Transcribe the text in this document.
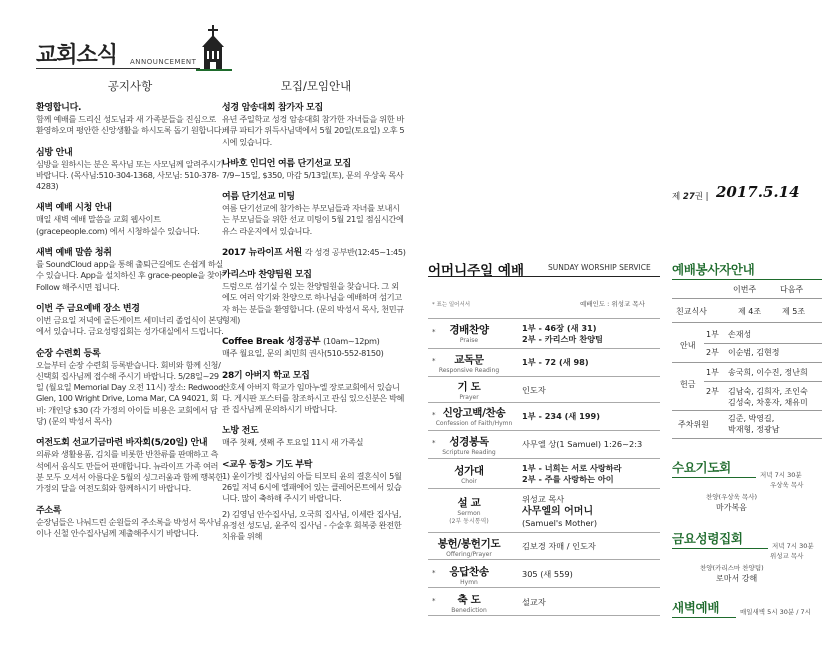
교회소식 ANNOUNCEMENT
공지사항
환영합니다.
함께 예배를 드리신 성도님과 새 가족분들을 진심으로 환영하오며 평안한 신앙생활을 하시도록 돕기 원합니다.
심방 안내
심방을 원하시는 분은 목사님 또는 사모님께 알려주시기 바랍니다. (목사님:510-304-1368, 사모님: 510-378-4283)
새벽 예배 시청 안내
매일 새벽 예배 말씀을 교회 웹사이트(gracepeople.com) 에서 시청하실수 있습니다.
새벽 예배 말씀 청취
를 SoundCloud app을 통해 출퇴근길에도 손쉽게 하실 수 있습니다. App을 설치하신 후 grace-people을 찾아 Follow 해주시면 됩니다.
이번 주 금요예배 장소 변경
이번 금요일 저녁에 골든게이트 세미너리 졸업식이 본당에서 있습니다. 금요성령집회는 성가대실에서 드립니다.
순장 수련회 등록
오늘부터 순장 수련회 등록받습니다. 회비와 함께 신청/신택회 집사님께 접수해 주시기 바랍니다. 5/28일~29일 (월요일 Memorial Day 오전 11시) 장소: Redwood Glen, 100 Wright Drive, Loma Mar, CA 94021, 회비: 개인당 $30 (각 가정의 아이들 비용은 교회에서 담당) (문의 박성서 목사)
여전도회 선교기금마련 바자회(5/20일) 안내
의류와 생활용품, 김치를 비롯한 반찬류를 판매하고 측석에서 음식도 만들어 판매합니다. 뉴라이프 가족 여러분 모두 오셔서 아름다운 5월의 싱그러움과 함께 행복한 가정의 달을 여전도회와 함께하시기 바랍니다.
주소록
순장님들은 나눠드린 순원들의 주소록을 박성서 목사님이나 신철 안수집사님께 제출해주시기 바랍니다.
모집/모임안내
성경 암송대회 참가자 모집
유년 주일학교 성경 암송대회 참가한 자녀들을 위한 바베큐 파티가 위득사님댁에서 5월 20일(토요일) 오후 5시에 있습니다.
나바호 인디언 여름 단기선교 모집
7/9~15일, $350, 마감 5/13일(토), 문의 우상욱 목사
여름 단기선교 미팅
여름 단기선교에 참가하는 부모님들과 자녀를 보내시는 부모님들을 위한 선교 미팅이 5월 21일 점심시간에 유스 라운지에서 있습니다.
2017 뉴라이프 서원 각 성경 공부반(12:45~1:45)
카리스마 찬양팀원 모집
드럼으로 섬기실 수 있는 찬양팀원을 찾습니다. 그 외에도 여러 악기와 찬양으로 하나님을 예배하며 섬기고자 하는 분들을 환영합니다. (문의 박성서 목사, 천민규 형제)
Coffee Break 성경공부 (10am~12pm)
매주 월요일, 문의 최민희 권사(510-552-8150)
28기 아버지 학교 모집
산호세 아버지 학교가 임마누엘 장로교회에서 있습니다. 게시판 포스터를 참조하시고 관심 있으신분은 박혜관 집사님께 문의하시기 바랍니다.
노방 전도
매주 첫째, 셋째 주 토요일 11시 새 가족실
<교우 동정> 기도 부탁
1) 윤이가빗 집사님의 아들 티모티 윤의 결혼식이 5월 26일 저녁 6시에 엘패에어 있는 클레어몬트에서 있습니다. 많이 축하해 주시기 바랍니다.
2) 김영님 안수집사님, 오국희 집사님, 이세란 집사님, 유정선 성도님, 윤주익 집사님 - 수술후 회복중 완전한 치유를 위해
어머니주일 예배	SUNDAY WORSHIP SERVICE
* 표는 일어서서	예배인도 : 위성교 목사
*	경배찬양
Praise
1부 - 46장 (새 31)
2부 - 카리스마 찬양팀
*	교독문
Responsive Reading
1부 - 72 (새 98)
기 도
Prayer
인도자
* 신앙고백/찬송
Confession of Faith/Hymn
1부 - 234 (새 199)
*	성경봉독
Scripture Reading
사무엘 상(1 Samuel) 1:26~2:3
성가대
Choir
1부 - 너희는 서로 사랑하라
2부 - 주를 사랑하는 아이
설 교
Sermon
(2부 동시통역)
위성교 목사
사무엘의 어머니
(Samuel's Mother)
봉헌/봉헌기도
Offering/Prayer
김보경 자매 / 인도자
*	응답찬송
Hymn
305 (새 559)
*	축 도
Benediction
설교자
제 27권 | 2017.5.14
예배봉사자안내
이번주	다음주
친교식사	제 4조	제 5조
안내
1부 손재성
2부 이순범, 김현정
헌금
1부 송국희, 이수진, 정난희
2부 김남숙, 김희자, 조인숙
김성숙, 차홍자, 채유미
주차위원
김준, 박영길,
박재형, 정광남
수요기도회	저녁 7시 30분
우상욱 목사
찬양(우상욱 목사)
마가복음
금요성령집회	저녁 7시 30분
위성교 목사
찬양(카리스마 찬양팀)
로마서 강해
새벽예배	매일새벽 5시 30분 / 7시
